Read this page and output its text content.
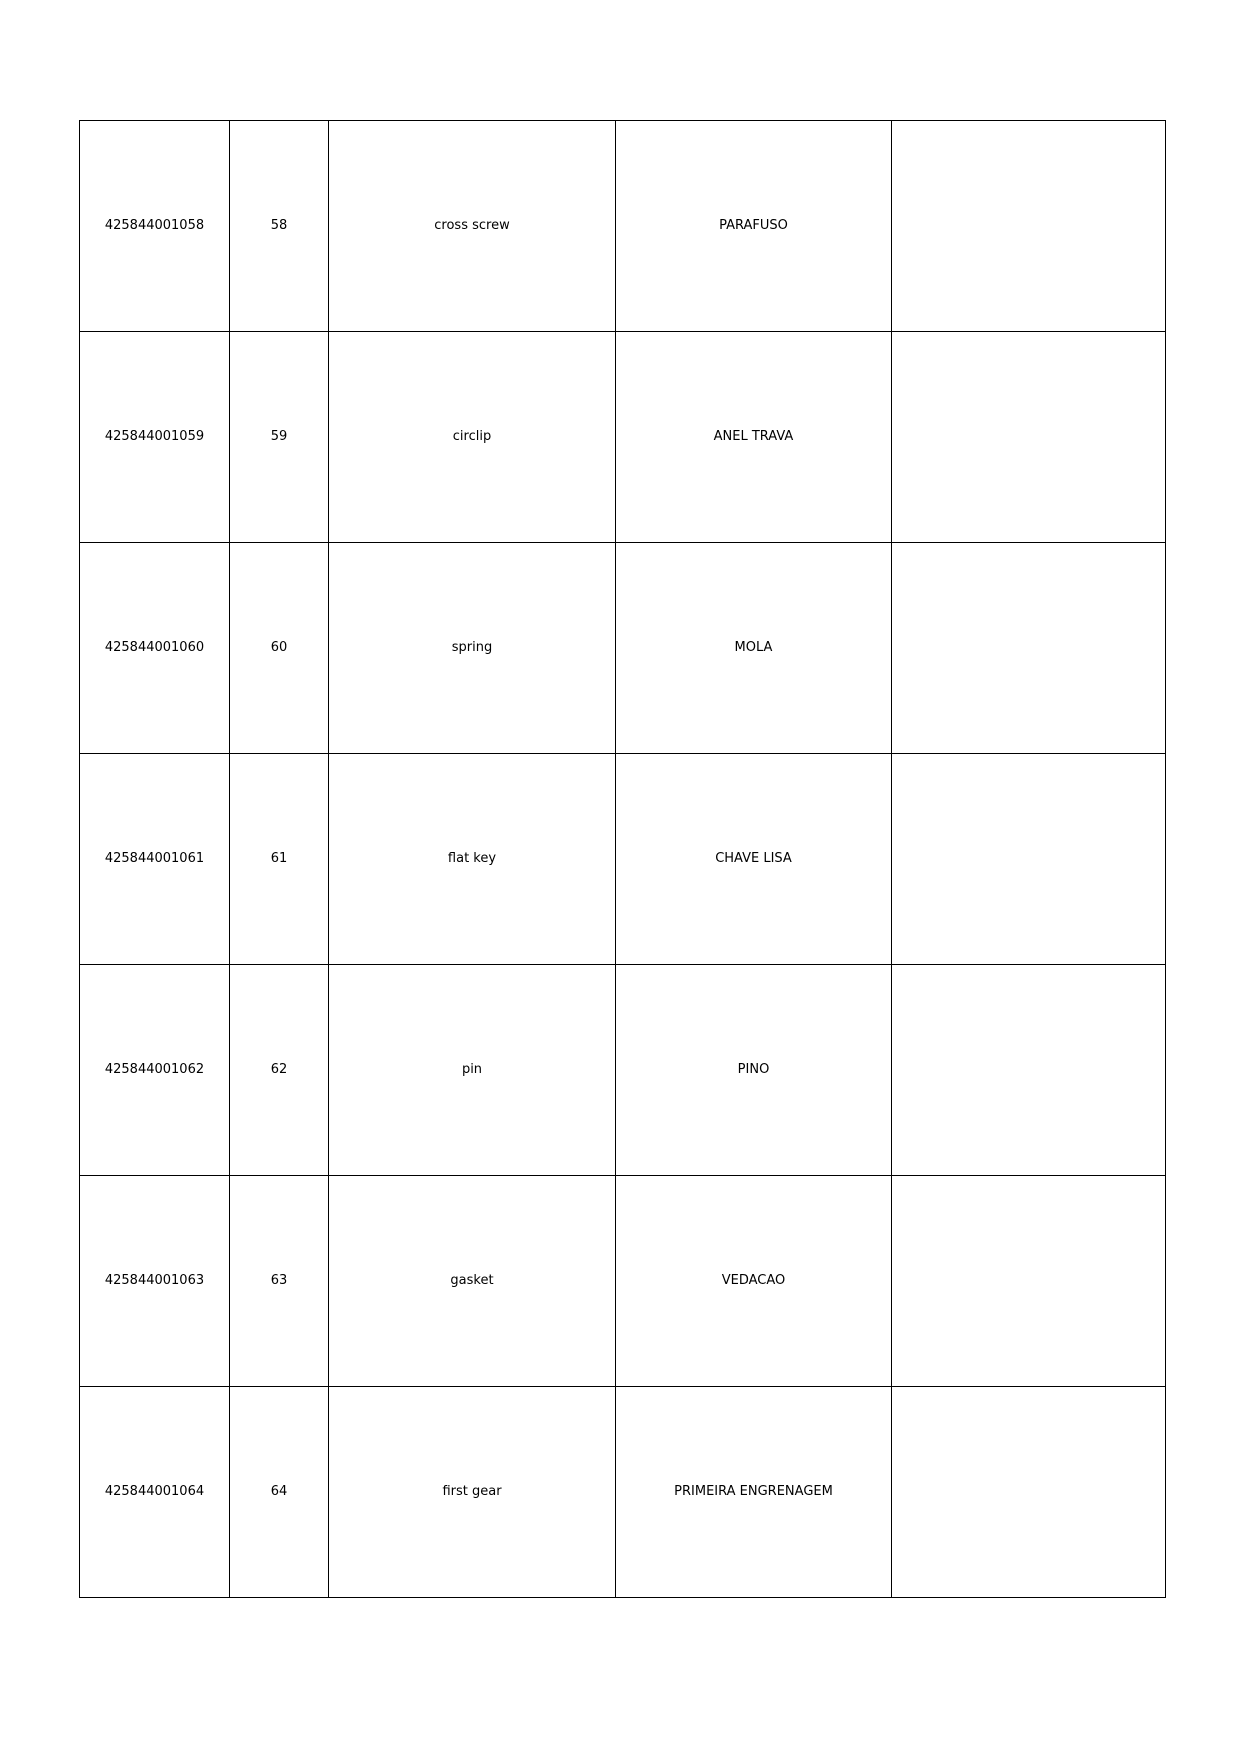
425844001058	58	cross screw	PARAFUSO	
425844001059	59	circlip	ANEL TRAVA	
425844001060	60	spring	MOLA	
425844001061	61	flat key	CHAVE LISA	
425844001062	62	pin	PINO	
425844001063	63	gasket	VEDACAO	
425844001064	64	first gear	PRIMEIRA ENGRENAGEM	
